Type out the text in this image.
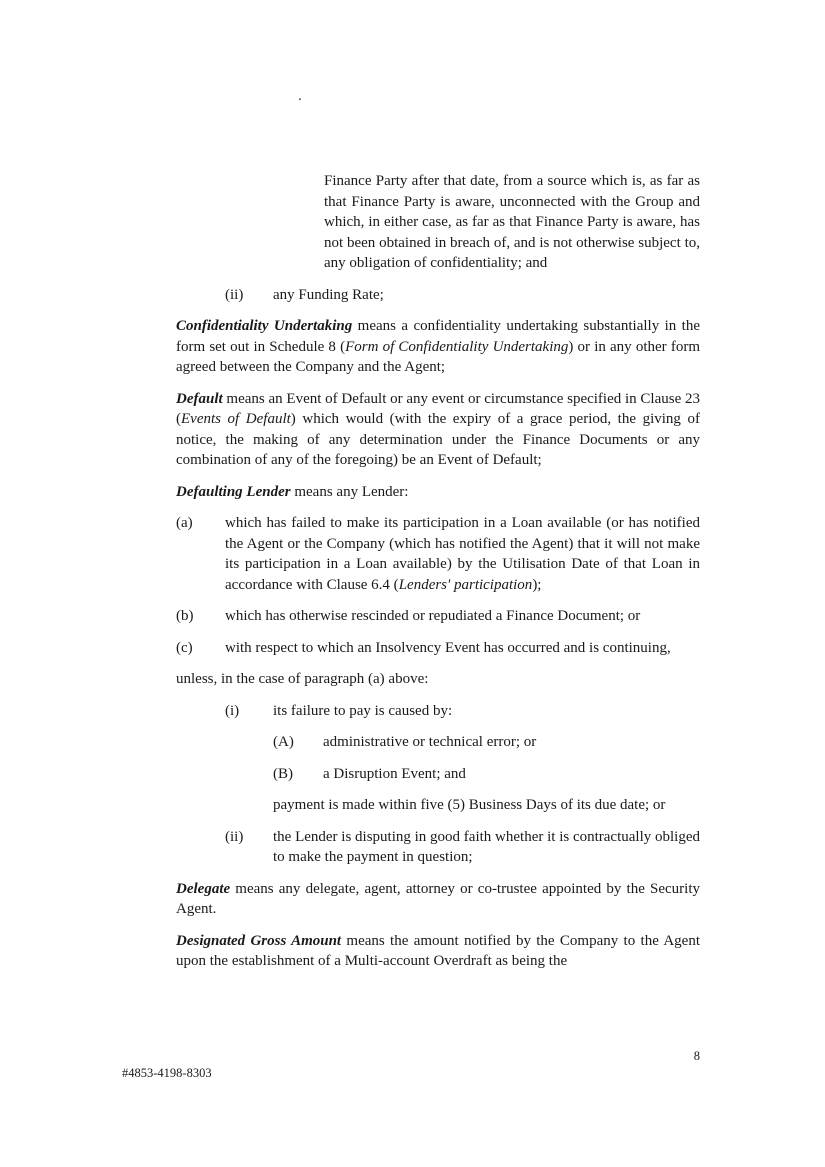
.
Finance Party after that date, from a source which is, as far as that Finance Party is aware, unconnected with the Group and which, in either case, as far as that Finance Party is aware, has not been obtained in breach of, and is not otherwise subject to, any obligation of confidentiality; and
(ii) any Funding Rate;
Confidentiality Undertaking means a confidentiality undertaking substantially in the form set out in Schedule 8 (Form of Confidentiality Undertaking) or in any other form agreed between the Company and the Agent;
Default means an Event of Default or any event or circumstance specified in Clause 23 (Events of Default) which would (with the expiry of a grace period, the giving of notice, the making of any determination under the Finance Documents or any combination of any of the foregoing) be an Event of Default;
Defaulting Lender means any Lender:
(a) which has failed to make its participation in a Loan available (or has notified the Agent or the Company (which has notified the Agent) that it will not make its participation in a Loan available) by the Utilisation Date of that Loan in accordance with Clause 6.4 (Lenders' participation);
(b) which has otherwise rescinded or repudiated a Finance Document; or
(c) with respect to which an Insolvency Event has occurred and is continuing,
unless, in the case of paragraph (a) above:
(i) its failure to pay is caused by:
(A) administrative or technical error; or
(B) a Disruption Event; and
payment is made within five (5) Business Days of its due date; or
(ii) the Lender is disputing in good faith whether it is contractually obliged to make the payment in question;
Delegate means any delegate, agent, attorney or co-trustee appointed by the Security Agent.
Designated Gross Amount means the amount notified by the Company to the Agent upon the establishment of a Multi-account Overdraft as being the
8
#4853-4198-8303
